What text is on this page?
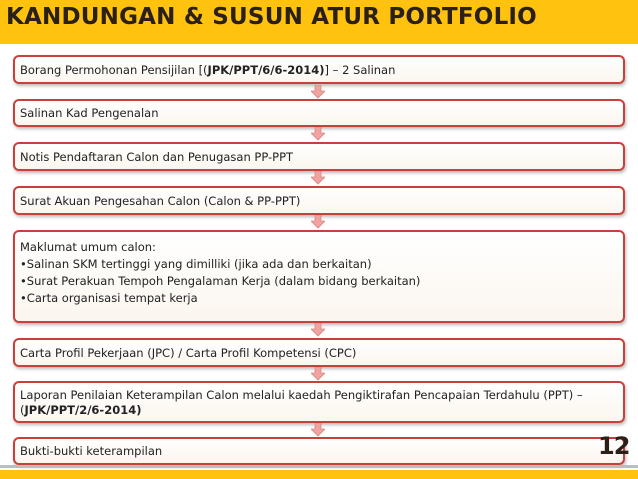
KANDUNGAN & SUSUN ATUR PORTFOLIO
Borang Permohonan Pensijilan [(JPK/PPT/6/6-2014)] – 2 Salinan
Salinan Kad Pengenalan
Notis Pendaftaran Calon dan Penugasan PP-PPT
Surat Akuan Pengesahan Calon (Calon & PP-PPT)
Maklumat umum calon:
•Salinan SKM tertinggi yang dimilliki (jika ada dan berkaitan)
•Surat Perakuan Tempoh Pengalaman Kerja (dalam bidang berkaitan)
•Carta organisasi tempat kerja
Carta Profil Pekerjaan (JPC) / Carta Profil Kompetensi (CPC)
Laporan Penilaian Keterampilan Calon melalui kaedah Pengiktirafan Pencapaian Terdahulu (PPT) –
(JPK/PPT/2/6-2014)
Bukti-bukti keterampilan	12
